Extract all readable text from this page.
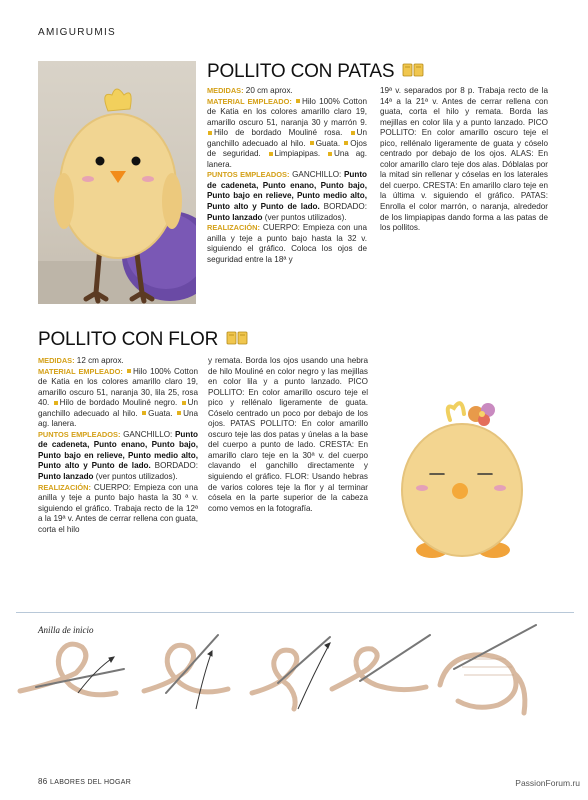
AMIGURUMIS
POLLITO CON PATAS

MEDIDAS: 20 cm aprox.

MATERIAL EMPLEADO: Hilo 100% Cotton de Katia en los colores amarillo claro 19, amarillo oscuro 51, naranja 30 y marrón 9. Hilo de bordado Mouliné rosa. Un ganchillo adecuado al hilo. Guata. Ojos de seguridad. Limpiapipas. Una ag. lanera.

PUNTOS EMPLEADOS: GANCHILLO: Punto de cadeneta, Punto enano, Punto bajo, Punto bajo en relieve, Punto medio alto, Punto alto y Punto de lado. BORDADO: Punto lanzado (ver puntos utilizados).

REALIZACIÓN: CUERPO: Empieza con una anilla y teje a punto bajo hasta la 32 v. siguiendo el gráfico. Coloca los ojos de seguridad entre la 18ª y

19ª v. separados por 8 p. Trabaja recto de la 14ª a la 21ª v. Antes de cerrar rellena con guata, corta el hilo y remata. Borda las mejillas en color lila y a punto lanzado. PICO POLLITO: En color amarillo oscuro teje el pico, rellénalo ligeramente de guata y cóselo centrado por debajo de los ojos. ALAS: En color amarillo claro teje dos alas. Dóblalas por la mitad sin rellenar y cóselas en los laterales del cuerpo. CRESTA: En amarillo claro teje en la última v. siguiendo el gráfico. PATAS: Enrolla el color marrón, o naranja, alrededor de los limpiapipas dando forma a las patas de los pollitos.

POLLITO CON FLOR

MEDIDAS: 12 cm aprox.

MATERIAL EMPLEADO: Hilo 100% Cotton de Katia en los colores amarillo claro 19, amarillo oscuro 51, naranja 30, lila 25, rosa 40. Hilo de bordado Mouliné negro. Un ganchillo adecuado al hilo. Guata. Una ag. lanera.

PUNTOS EMPLEADOS: GANCHILLO: Punto de cadeneta, Punto enano, Punto bajo, Punto bajo en relieve, Punto medio alto, Punto alto y Punto de lado. BORDADO: Punto lanzado (ver puntos utilizados).

REALIZACIÓN: CUERPO: Empieza con una anilla y teje a punto bajo hasta la 30 ª v. siguiendo el gráfico. Trabaja recto de la 12ª a la 19ª v. Antes de cerrar rellena con guata, corta el hilo

y remata. Borda los ojos usando una hebra de hilo Mouliné en color negro y las mejillas en color lila y a punto lanzado. PICO POLLITO: En color amarillo oscuro teje el pico y rellénalo ligeramente de guata. Cóselo centrado un poco por debajo de los ojos. PATAS POLLITO: En color amarillo oscuro teje las dos patas y únelas a la base del cuerpo a punto de lado. CRESTA: En amarillo claro teje en la 30ª v. del cuerpo clavando el ganchillo directamente y siguiendo el gráfico. FLOR: Usando hebras de varios colores teje la flor y al terminar cósela en la parte superior de la cabeza como vemos en la fotografía.

Anilla de inicio
86 LABORES DEL HOGAR	PassionForum.ru
